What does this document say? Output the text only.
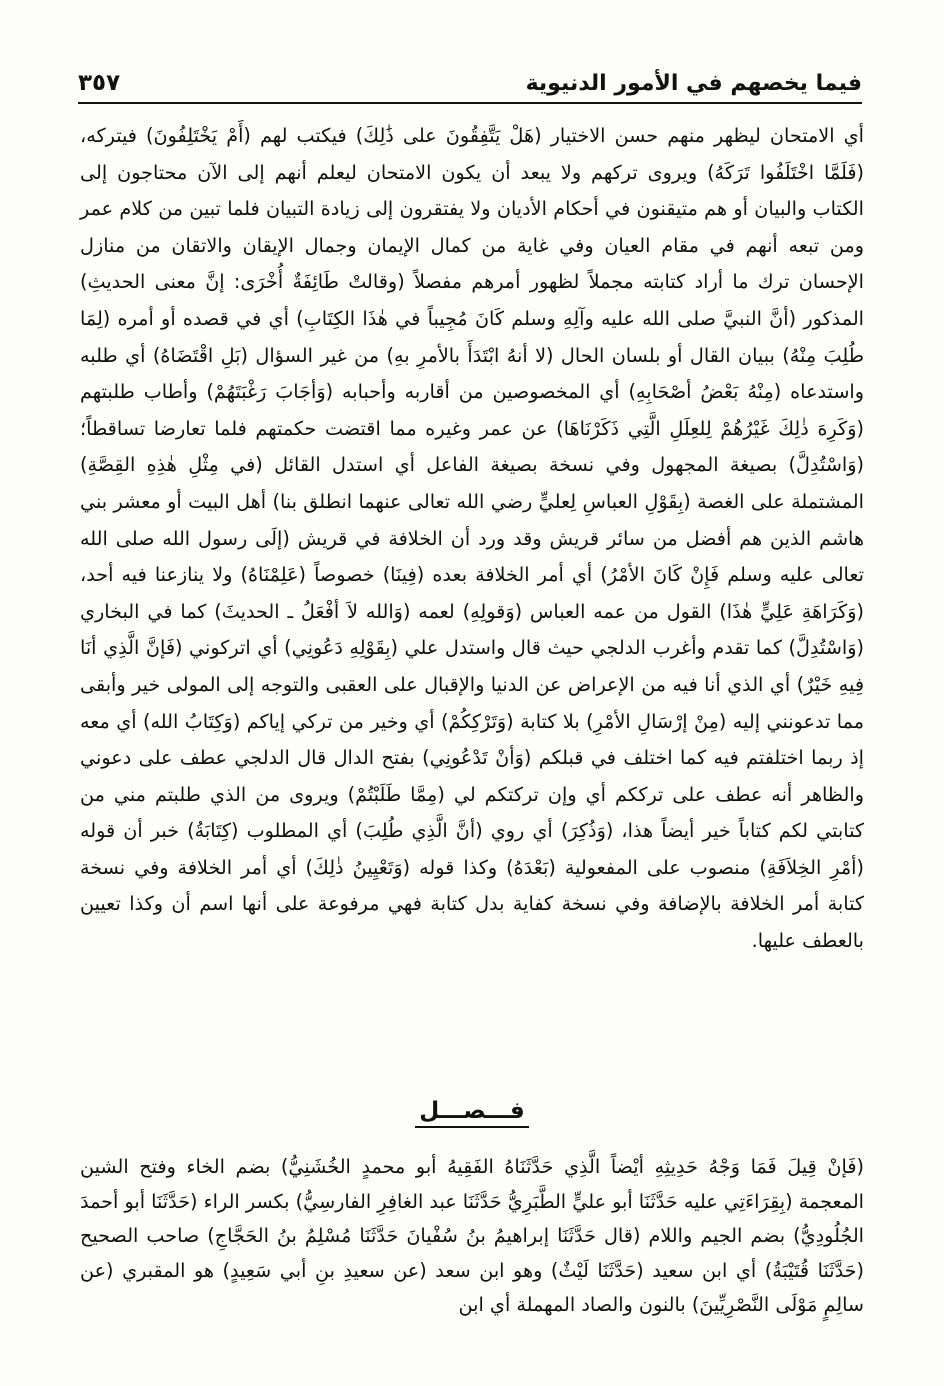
فيما يخصهم في الأمور الدنيوية
٣٥٧

أي الامتحان ليظهر منهم حسن الاختيار (هَلْ يَتَّفِقُونَ على ذَٰلِكَ) فيكتب لهم (أَمْ يَخْتَلِفُونَ) فيتركه، (فَلَمَّا اخْتَلَفُوا تَرَكَهُ) ويروى تركهم ولا يبعد أن يكون الامتحان ليعلم أنهم إلى الآن محتاجون إلى الكتاب والبيان أو هم متيقنون في أحكام الأديان ولا يفتقرون إلى زيادة التبيان فلما تبين من كلام عمر ومن تبعه أنهم في مقام العيان وفي غاية من كمال الإيمان وجمال الإيقان والاتقان من منازل الإحسان ترك ما أراد كتابته مجملاً لظهور أمرهم مفصلاً (وقالتْ طَائِفَةٌ أُخْرَى: إنَّ معنى الحديثِ) المذكور (أنَّ النبيَّ صلى الله عليه وآلِهِ وسلم كَانَ مُجِيباً في هٰذَا الكِتَابِ) أي في قصده أو أمره (لِمَا طُلِبَ مِنْهُ) ببيان القال أو بلسان الحال (لا أنهُ ابْتَدَأَ بالأمرِ بهِ) من غير السؤال (بَلِ اقْتَضَاهُ) أي طلبه واستدعاه (مِنْهُ بَعْضُ أصْحَابِهِ) أي المخصوصين من أقاربه وأحبابه (وَأجَابَ رَغْبَتَهُمْ) وأطاب طلبتهم (وَكَرِهَ ذٰلِكَ غَيْرُهُمْ لِلعِلَلِ الَّتِي ذَكَرْنَاهَا) عن عمر وغيره مما اقتضت حكمتهم فلما تعارضا تساقطاً؛ (وَاسْتُدِلَّ) بصيغة المجهول وفي نسخة بصيغة الفاعل أي استدل القائل (في مِثْلِ هٰذِهِ القِصَّةِ) المشتملة على الغصة (بِقَوْلِ العباسِ لِعليٍّ رضي الله تعالى عنهما انطلق بنا) أهل البيت أو معشر بني هاشم الذين هم أفضل من سائر قريش وقد ورد أن الخلافة في قريش (إلَى رسول الله صلى الله تعالى عليه وسلم فَإِنْ كَانَ الأمْرُ) أي أمر الخلافة بعده (فِينَا) خصوصاً (عَلِمْنَاهُ) ولا ينازعنا فيه أحد، (وَكَرَاهَةِ عَلِيٍّ هٰذَا) القول من عمه العباس (وَقولِهِ) لعمه (وَالله لاَ أفْعَلُ ـ الحديثَ) كما في البخاري (وَاسْتُدِلَّ) كما تقدم وأغرب الدلجي حيث قال واستدل علي (بِقَوْلِهِ دَعُونِي) أي اتركوني (فَإنَّ الَّذِي أنَا فِيهِ خَيْرٌ) أي الذي أنا فيه من الإعراض عن الدنيا والإقبال على العقبى والتوجه إلى المولى خير وأبقى مما تدعونني إليه (مِنْ إرْسَالِ الأمْرِ) بلا كتابة (وَتَرْكِكُمْ) أي وخير من تركي إياكم (وَكِتَابُ الله) أي معه إذ ربما اختلفتم فيه كما اختلف في قبلكم (وَأنْ تَدْعُونِي) بفتح الدال قال الدلجي عطف على دعوني والظاهر أنه عطف على ترككم أي وإن تركتكم لي (مِمَّا طَلَبْتُمْ) ويروى من الذي طلبتم مني من كتابتي لكم كتاباً خير أيضاً هذا، (وَذُكِرَ) أي روي (أنَّ الَّذِي طُلِبَ) أي المطلوب (كِتَابَةُ) خبر أن قوله (أمْرِ الخِلاَفَةِ) منصوب على المفعولية (بَعْدَهُ) وكذا قوله (وَتَعْيِينُ ذٰلِكَ) أي أمر الخلافة وفي نسخة كتابة أمر الخلافة بالإضافة وفي نسخة كفاية بدل كتابة فهي مرفوعة على أنها اسم أن وكذا تعيين بالعطف عليها.

فـــصـــل

(فَإنْ قِيلَ فَمَا وَجْهُ حَدِيثِهِ أيْضاً الَّذِي حَدَّثَنَاهُ الفَقِيهُ أبو محمدٍ الخُشَنِيُّ) بضم الخاء وفتح الشين المعجمة (بِقِرَاءَتِي عليه حَدَّثَنَا أبو عليٍّ الطَّبَرِيُّ حَدَّثَنَا عبد الغافِرِ الفارسِيُّ) بكسر الراء (حَدَّثَنَا أبو أحمدَ الجُلُودِيُّ) بضم الجيم واللام (قال حَدَّثَنَا إبراهيمُ بنُ سُفْيانَ حَدَّثَنَا مُسْلِمُ بنُ الحَجَّاجِ) صاحب الصحيح (حَدَّثَنَا قُتَيْبَةُ) أي ابن سعيد (حَدَّثَنَا لَيْثٌ) وهو ابن سعد (عن سعيدِ بنِ أبي سَعِيدٍ) هو المقبري (عن سالِمٍ مَوْلَى النَّصْرِيِّينَ) بالنون والصاد المهملة أي ابن
